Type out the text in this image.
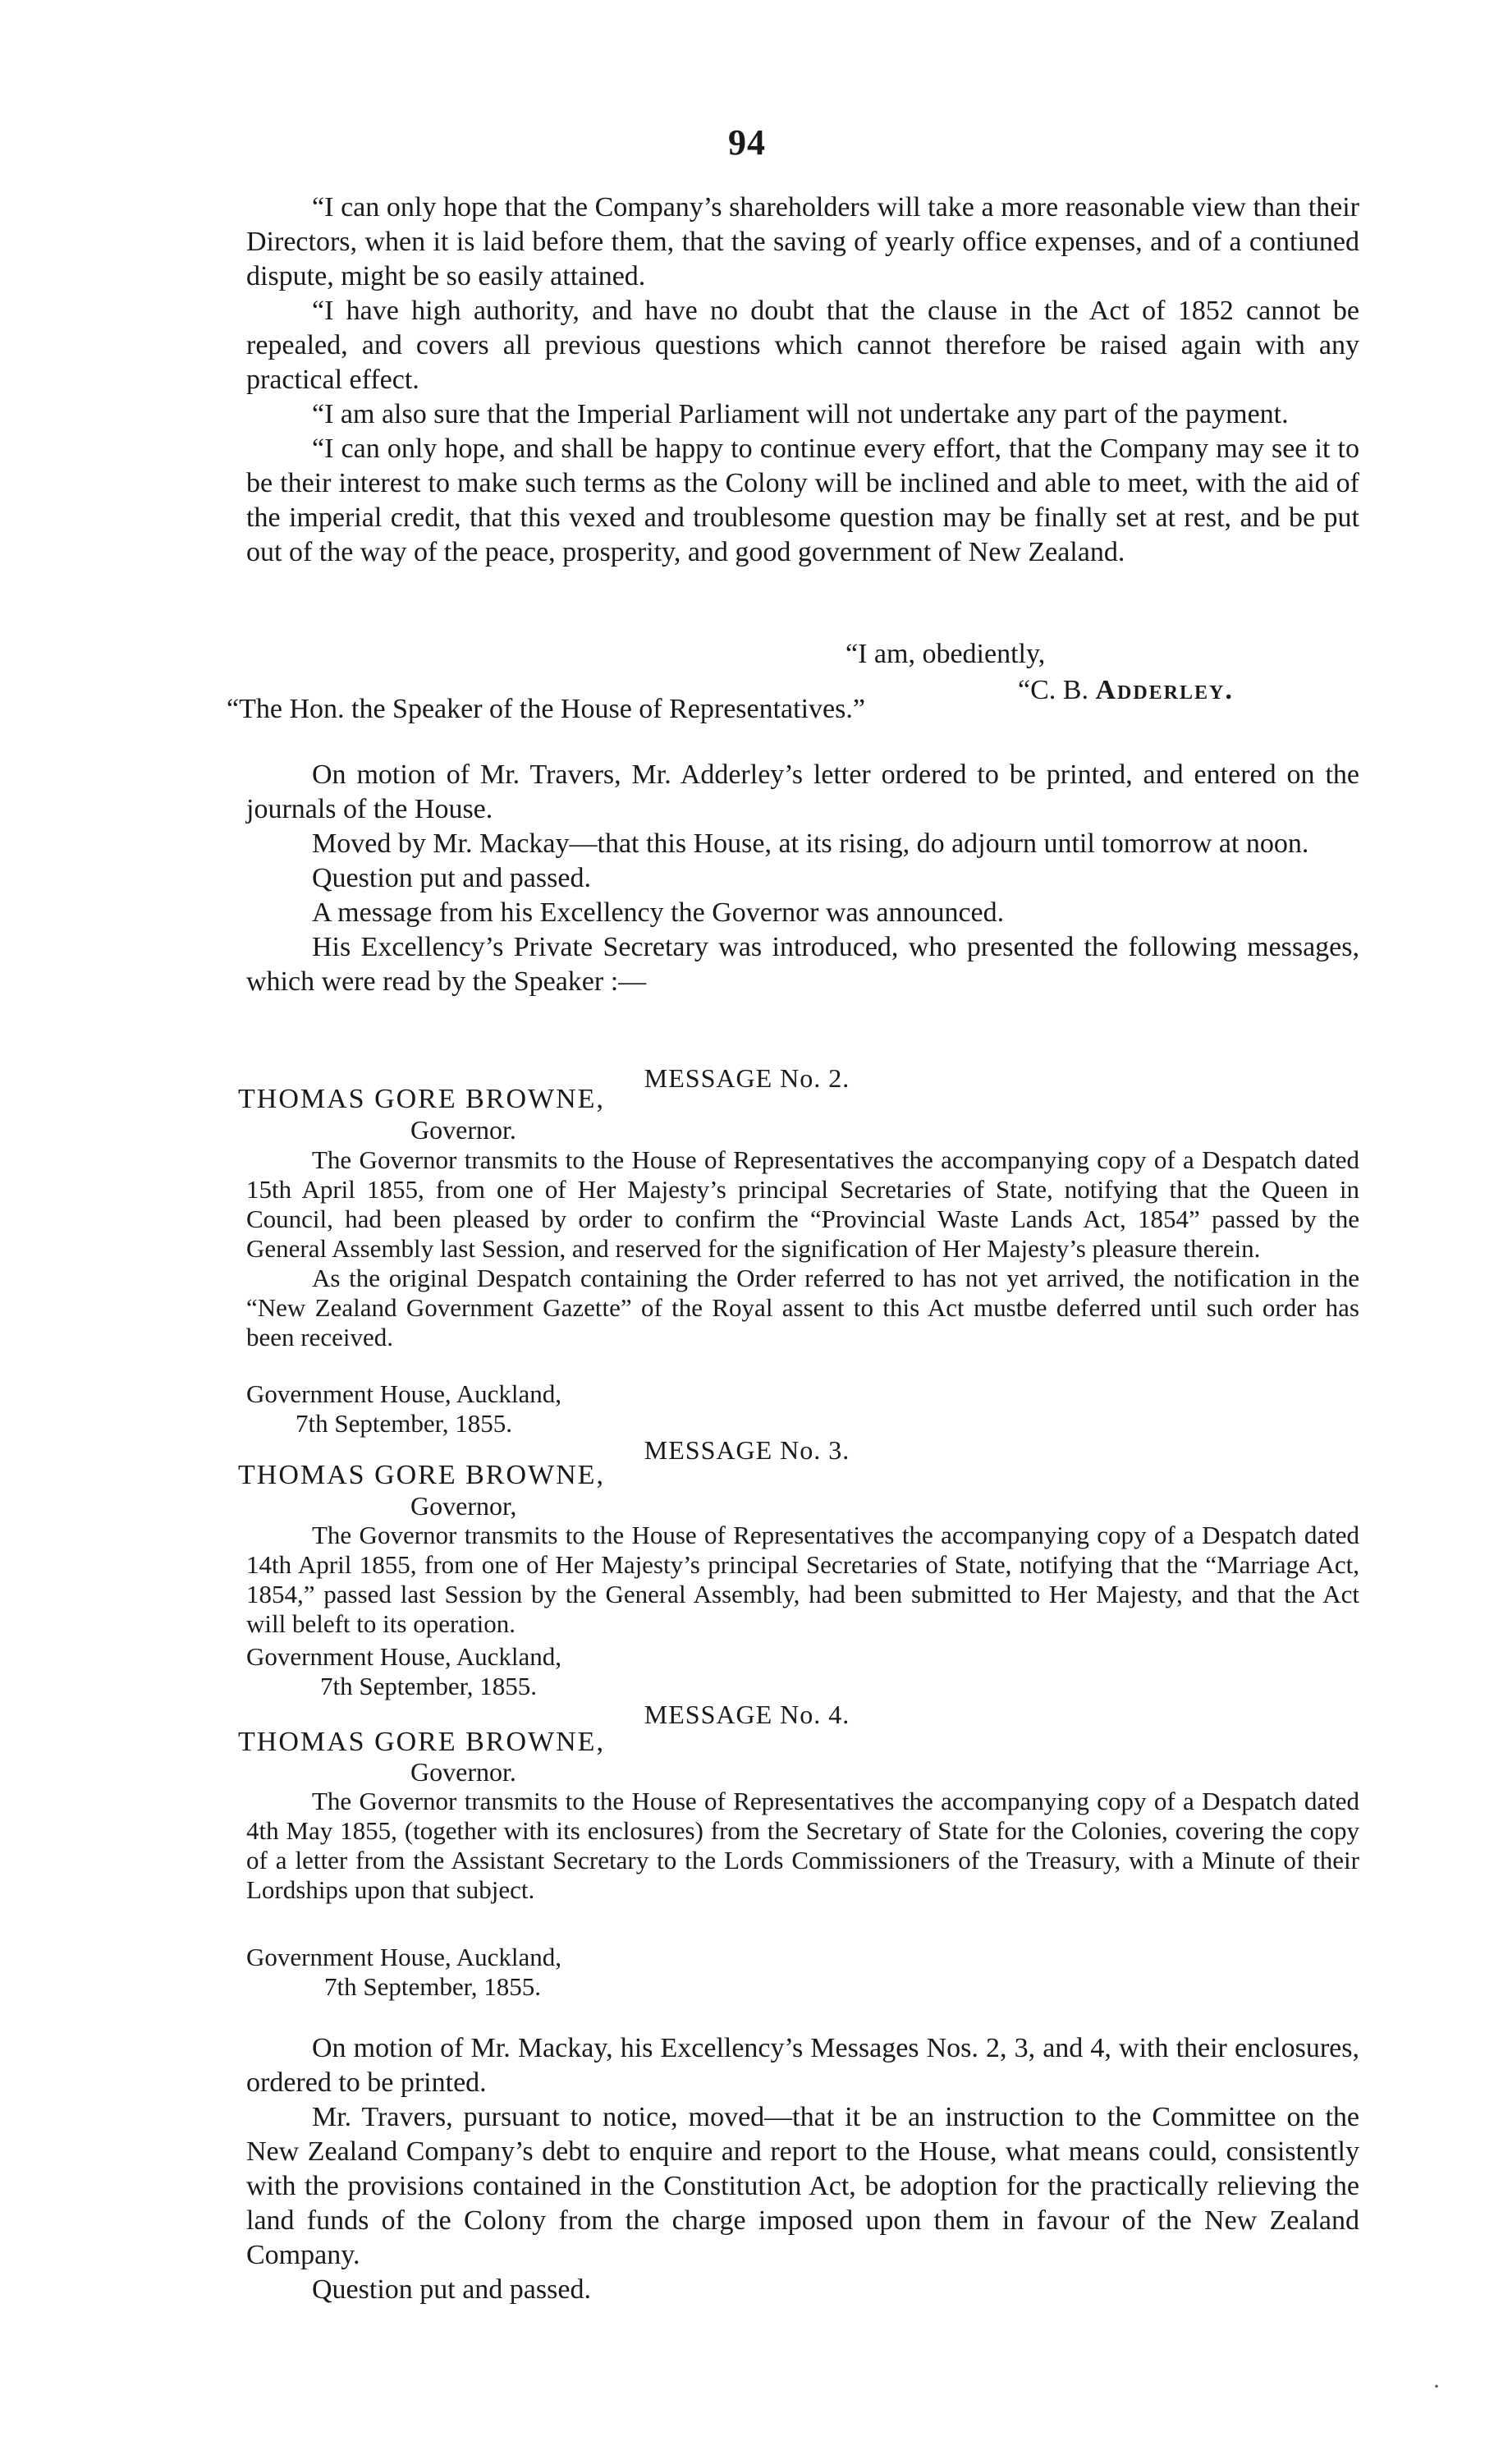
94

“I can only hope that the Company’s shareholders will take a more reasonable view than their Directors, when it is laid before them, that the saving of yearly office expenses, and of a contiuned dispute, might be so easily attained.

“I have high authority, and have no doubt that the clause in the Act of 1852 cannot be repealed, and covers all previous questions which cannot therefore be raised again with any practical effect.

“I am also sure that the Imperial Parliament will not undertake any part of the payment.

“I can only hope, and shall be happy to continue every effort, that the Company may see it to be their interest to make such terms as the Colony will be inclined and able to meet, with the aid of the imperial credit, that this vexed and troublesome question may be finally set at rest, and be put out of the way of the peace, prosperity, and good government of New Zealand.

“I am, obediently,
“C. B. Adderley.
“The Hon. the Speaker of the House of Representatives.”

On motion of Mr. Travers, Mr. Adderley’s letter ordered to be printed, and entered on the journals of the House.

Moved by Mr. Mackay—that this House, at its rising, do adjourn until tomorrow at noon.

Question put and passed.

A message from his Excellency the Governor was announced.

His Excellency’s Private Secretary was introduced, who presented the following messages, which were read by the Speaker :—

MESSAGE No. 2.
THOMAS GORE BROWNE,
Governor.

The Governor transmits to the House of Representatives the accompanying copy of a Despatch dated 15th April 1855, from one of Her Majesty’s principal Secretaries of State, notifying that the Queen in Council, had been pleased by order to confirm the “Provincial Waste Lands Act, 1854” passed by the General Assembly last Session, and reserved for the signification of Her Majesty’s pleasure therein.

As the original Despatch containing the Order referred to has not yet arrived, the notification in the “New Zealand Government Gazette” of the Royal assent to this Act mustbe deferred until such order has been received.

Government House, Auckland,
7th September, 1855.
MESSAGE No. 3.
THOMAS GORE BROWNE,
Governor,

The Governor transmits to the House of Representatives the accompanying copy of a Despatch dated 14th April 1855, from one of Her Majesty’s principal Secretaries of State, notifying that the “Marriage Act, 1854,” passed last Session by the General Assembly, had been submitted to Her Majesty, and that the Act will beleft to its operation.

Government House, Auckland,
7th September, 1855.
MESSAGE No. 4.
THOMAS GORE BROWNE,
Governor.

The Governor transmits to the House of Representatives the accompanying copy of a Despatch dated 4th May 1855, (together with its enclosures) from the Secretary of State for the Colonies, covering the copy of a letter from the Assistant Secretary to the Lords Commissioners of the Treasury, with a Minute of their Lordships upon that subject.

Government House, Auckland,
7th September, 1855.

On motion of Mr. Mackay, his Excellency’s Messages Nos. 2, 3, and 4, with their enclosures, ordered to be printed.

Mr. Travers, pursuant to notice, moved—that it be an instruction to the Committee on the New Zealand Company’s debt to enquire and report to the House, what means could, consistently with the provisions contained in the Constitution Act, be adoption for the practically relieving the land funds of the Colony from the charge imposed upon them in favour of the New Zealand Company.

Question put and passed.

·
